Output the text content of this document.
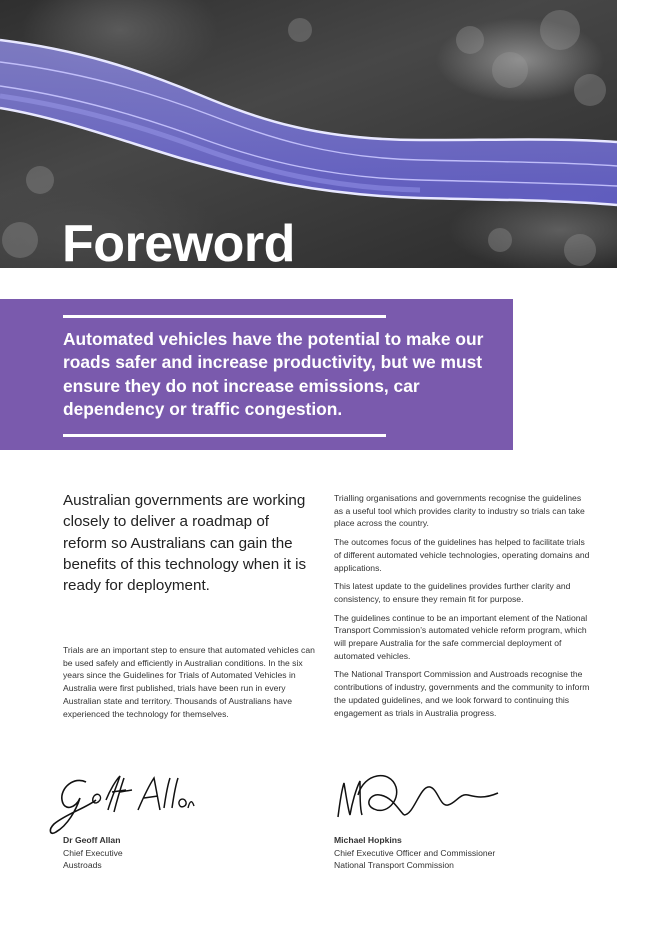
Foreword

Automated vehicles have the potential to make our roads safer and increase productivity, but we must ensure they do not increase emissions, car dependency or traffic congestion.

Australian governments are working closely to deliver a roadmap of reform so Australians can gain the benefits of this technology when it is ready for deployment.

Trials are an important step to ensure that automated vehicles can be used safely and efficiently in Australian conditions. In the six years since the Guidelines for Trials of Automated Vehicles in Australia were first published, trials have been run in every Australian state and territory. Thousands of Australians have experienced the technology for themselves.

Trialling organisations and governments recognise the guidelines as a useful tool which provides clarity to industry so trials can take place across the country.

The outcomes focus of the guidelines has helped to facilitate trials of different automated vehicle technologies, operating domains and applications.

This latest update to the guidelines provides further clarity and consistency, to ensure they remain fit for purpose.

The guidelines continue to be an important element of the National Transport Commission’s automated vehicle reform program, which will prepare Australia for the safe commercial deployment of automated vehicles.

The National Transport Commission and Austroads recognise the contributions of industry, governments and the community to inform the updated guidelines, and we look forward to continuing this engagement as trials in Australia progress.

Dr Geoff Allan
Chief Executive
Austroads
Michael Hopkins
Chief Executive Officer and Commissioner
National Transport Commission
